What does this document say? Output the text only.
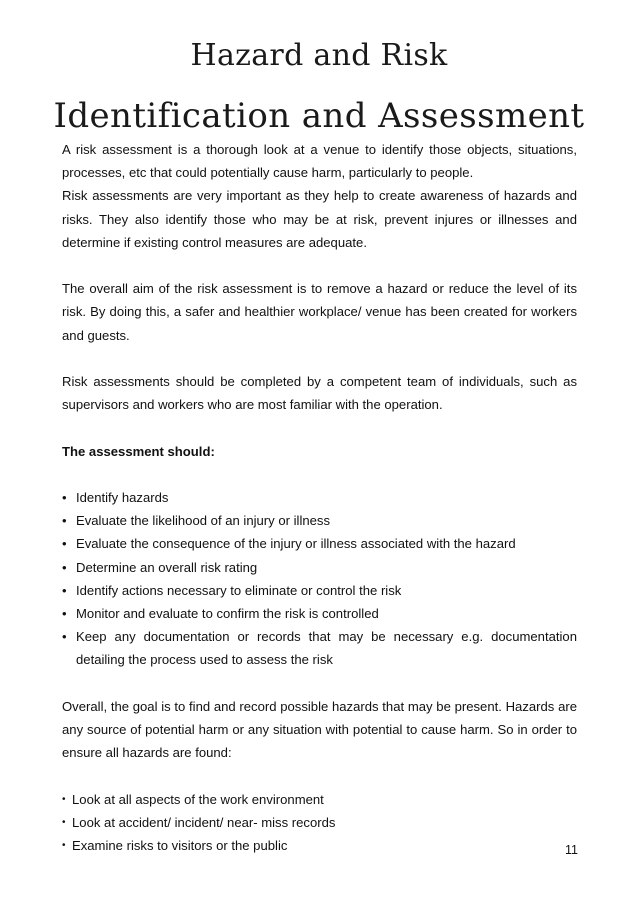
Hazard and Risk
Identification and Assessment

A risk assessment is a thorough look at a venue to identify those objects, situations, processes, etc that could potentially cause harm, particularly to people.

Risk assessments are very important as they help to create awareness of hazards and risks. They also identify those who may be at risk, prevent injures or illnesses and determine if existing control measures are adequate.

The overall aim of the risk assessment is to remove a hazard or reduce the level of its risk. By doing this, a safer and healthier workplace/ venue has been created for workers and guests.

Risk assessments should be completed by a competent team of individuals, such as supervisors and workers who are most familiar with the operation.

The assessment should:

• Identify hazards
• Evaluate the likelihood of an injury or illness
• Evaluate the consequence of the injury or illness associated with the hazard
• Determine an overall risk rating
• Identify actions necessary to eliminate or control the risk
• Monitor and evaluate to confirm the risk is controlled
• Keep any documentation or records that may be necessary e.g. documentation detailing the process used to assess the risk

Overall, the goal is to find and record possible hazards that may be present. Hazards are any source of potential harm or any situation with potential to cause harm. So in order to ensure all hazards are found:

• Look at all aspects of the work environment
• Look at accident/ incident/ near- miss records
• Examine risks to visitors or the public	11
